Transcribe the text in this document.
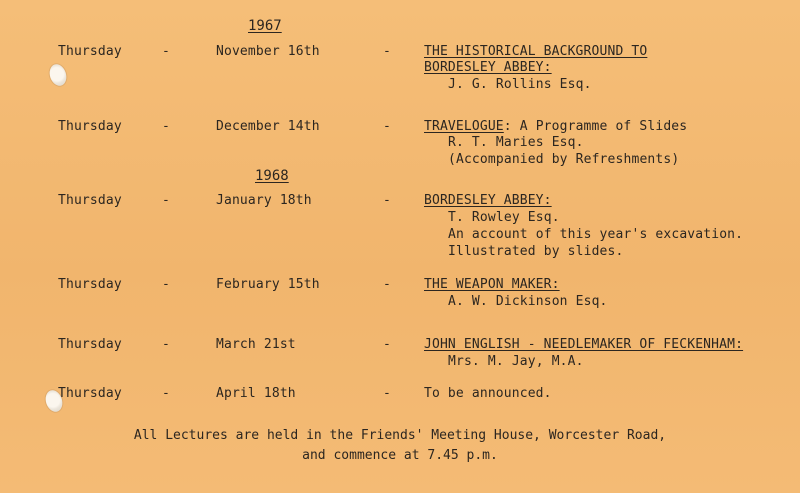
1967
Thursday	-	November 16th	-	THE HISTORICAL BACKGROUND TO
BORDESLEY ABBEY:
J. G. Rollins Esq.
Thursday	-	December 14th	-	TRAVELOGUE: A Programme of Slides
R. T. Maries Esq.
(Accompanied by Refreshments)
1968
Thursday	-	January 18th	-	BORDESLEY ABBEY:
T. Rowley Esq.
An account of this year's excavation.
Illustrated by slides.
Thursday	-	February 15th	-	THE WEAPON MAKER:
A. W. Dickinson Esq.
Thursday	-	March 21st	-	JOHN ENGLISH - NEEDLEMAKER OF FECKENHAM:
Mrs. M. Jay, M.A.
Thursday	-	April 18th	-	To be announced.
All Lectures are held in the Friends' Meeting House, Worcester Road,
and commence at 7.45 p.m.
